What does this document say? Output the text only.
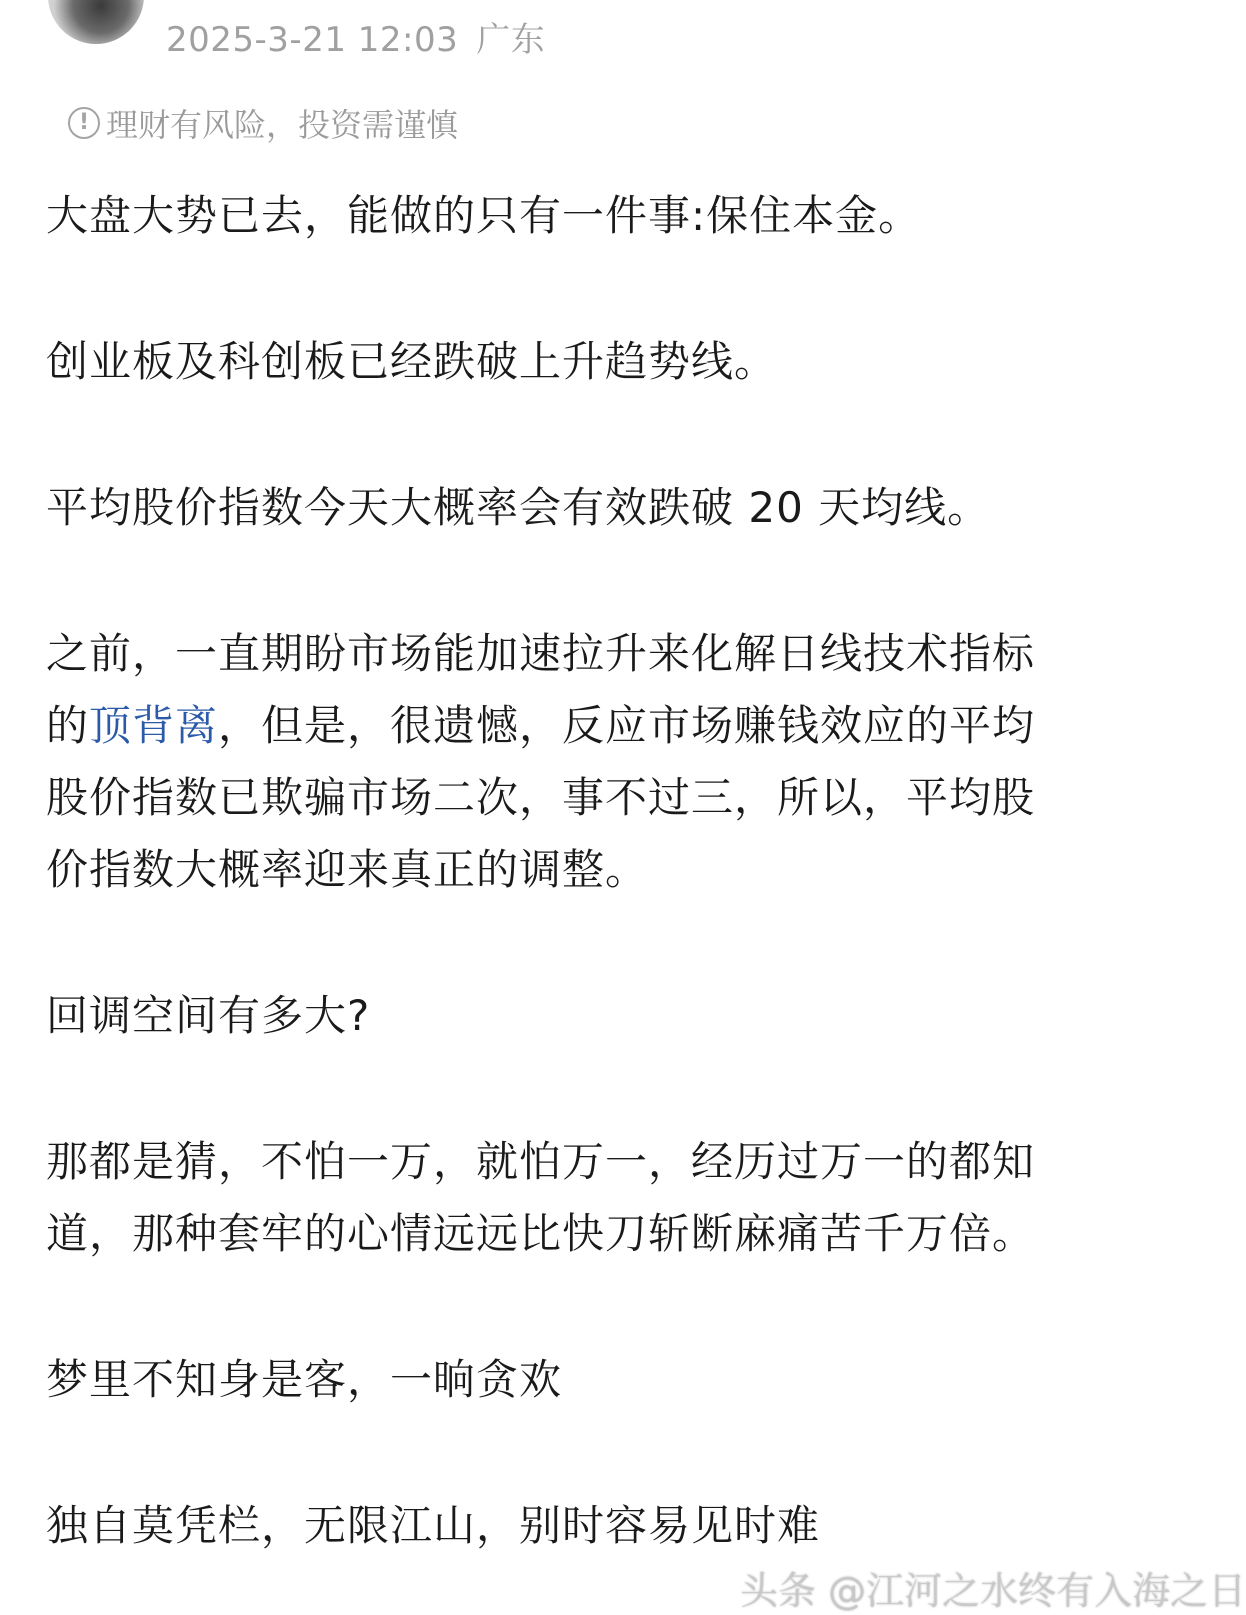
2025-3-21 12:03 广东
! 理财有风险，投资需谨慎

大盘大势已去，能做的只有一件事:保住本金。

创业板及科创板已经跌破上升趋势线。

平均股价指数今天大概率会有效跌破 20 天均线。

之前，一直期盼市场能加速拉升来化解日线技术指标

的顶背离，但是，很遗憾，反应市场赚钱效应的平均

股价指数已欺骗市场二次，事不过三，所以，平均股

价指数大概率迎来真正的调整。

回调空间有多大?

那都是猜，不怕一万，就怕万一，经历过万一的都知

道，那种套牢的心情远远比快刀斩断麻痛苦千万倍。

梦里不知身是客，一晌贪欢

独自莫凭栏，无限江山，别时容易见时难

头条 @江河之水终有入海之日
